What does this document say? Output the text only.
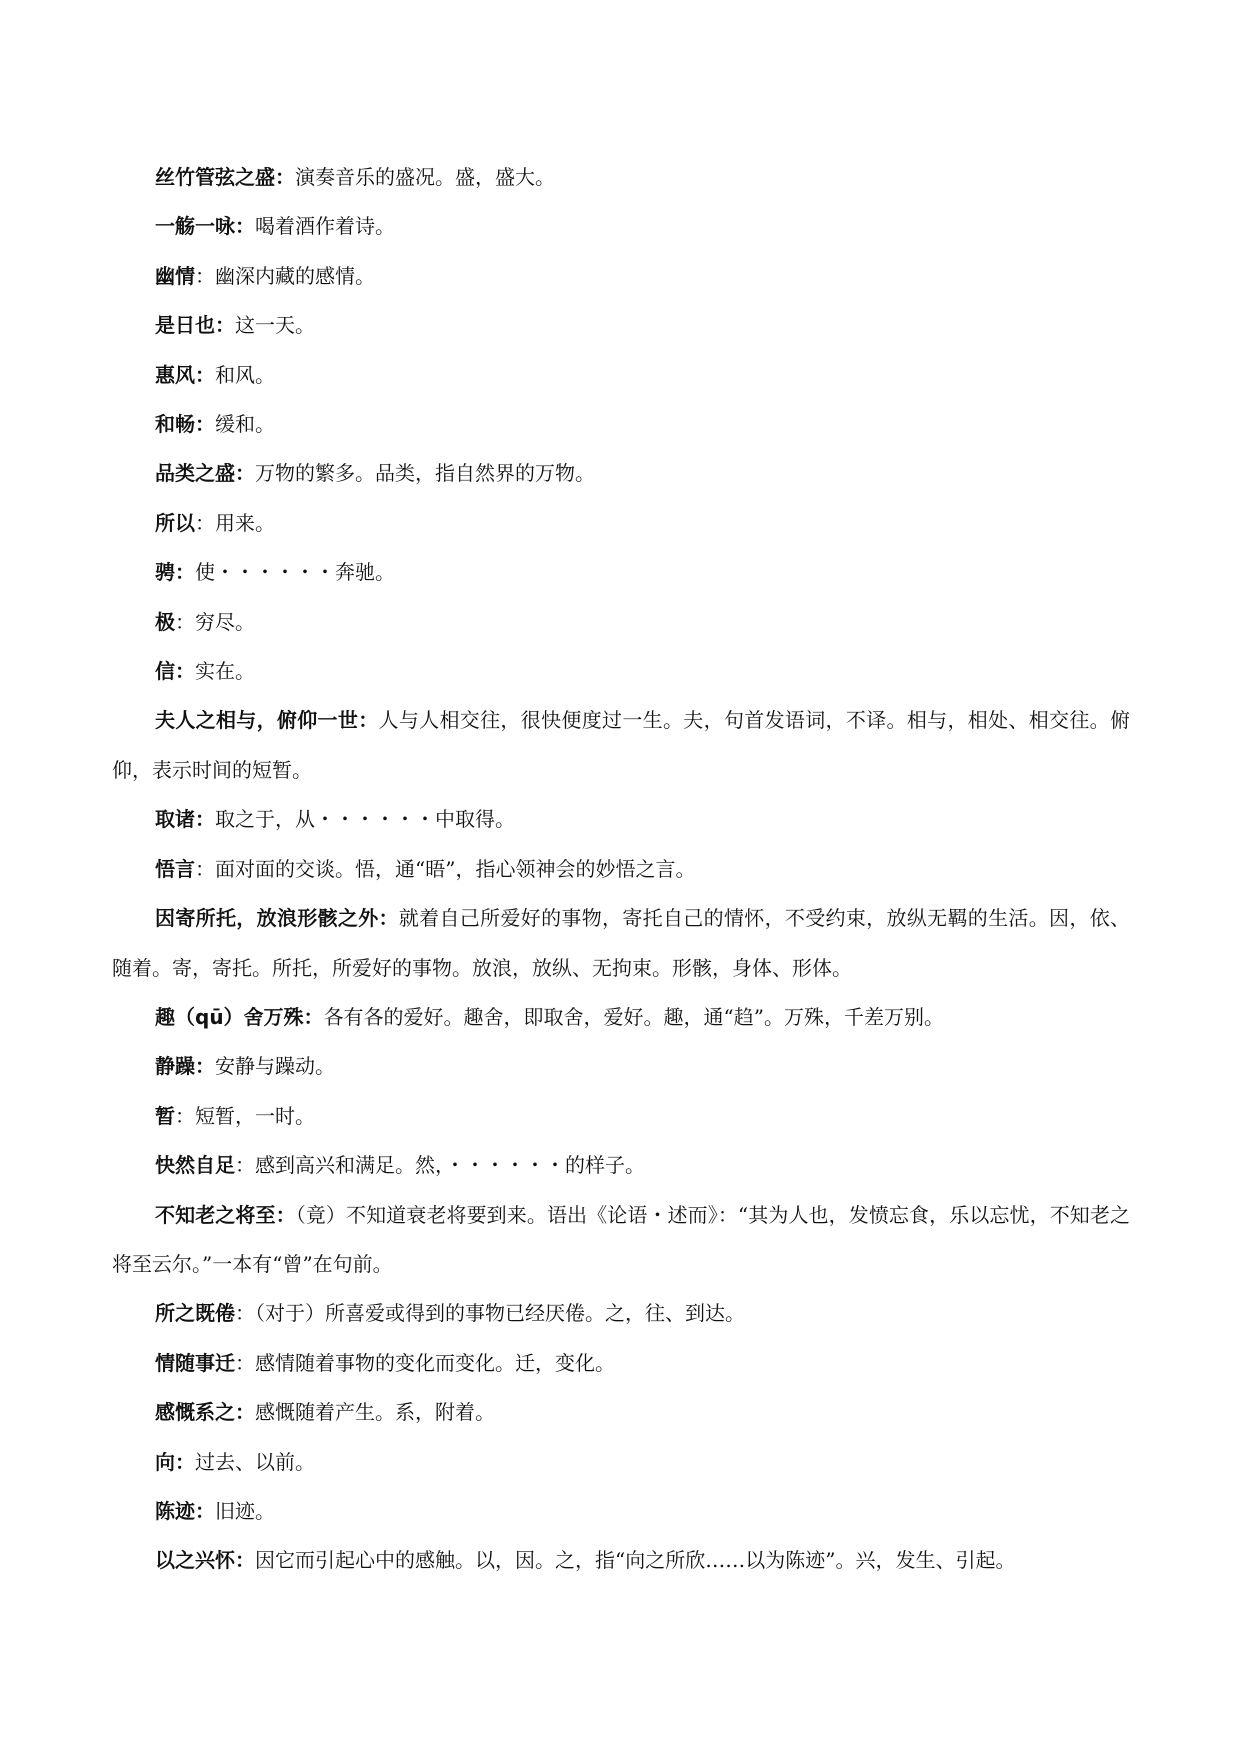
丝竹管弦之盛：演奏音乐的盛况。盛，盛大。

一觞一咏：喝着酒作着诗。

幽情：幽深内藏的感情。

是日也：这一天。

惠风：和风。

和畅：缓和。

品类之盛：万物的繁多。品类，指自然界的万物。

所以：用来。

骋：使・・・・・・奔驰。

极：穷尽。

信：实在。

夫人之相与，俯仰一世：人与人相交往，很快便度过一生。夫，句首发语词，不译。相与，相处、相交往。俯仰，表示时间的短暂。

取诸：取之于，从・・・・・・中取得。

悟言：面对面的交谈。悟，通“晤”，指心领神会的妙悟之言。

因寄所托，放浪形骸之外：就着自己所爱好的事物，寄托自己的情怀，不受约束，放纵无羁的生活。因，依、随着。寄，寄托。所托，所爱好的事物。放浪，放纵、无拘束。形骸，身体、形体。

趣（qū）舍万殊：各有各的爱好。趣舍，即取舍，爱好。趣，通“趋”。万殊，千差万别。

静躁：安静与躁动。

暂：短暂，一时。

快然自足：感到高兴和满足。然，・・・・・・的样子。

不知老之将至：（竟）不知道衰老将要到来。语出《论语・述而》：“其为人也，发愤忘食，乐以忘忧，不知老之将至云尔。”一本有“曾”在句前。

所之既倦：（对于）所喜爱或得到的事物已经厌倦。之，往、到达。

情随事迁：感情随着事物的变化而变化。迁，变化。

感慨系之：感慨随着产生。系，附着。

向：过去、以前。

陈迹：旧迹。

以之兴怀：因它而引起心中的感触。以，因。之，指“向之所欣……以为陈迹”。兴，发生、引起。
